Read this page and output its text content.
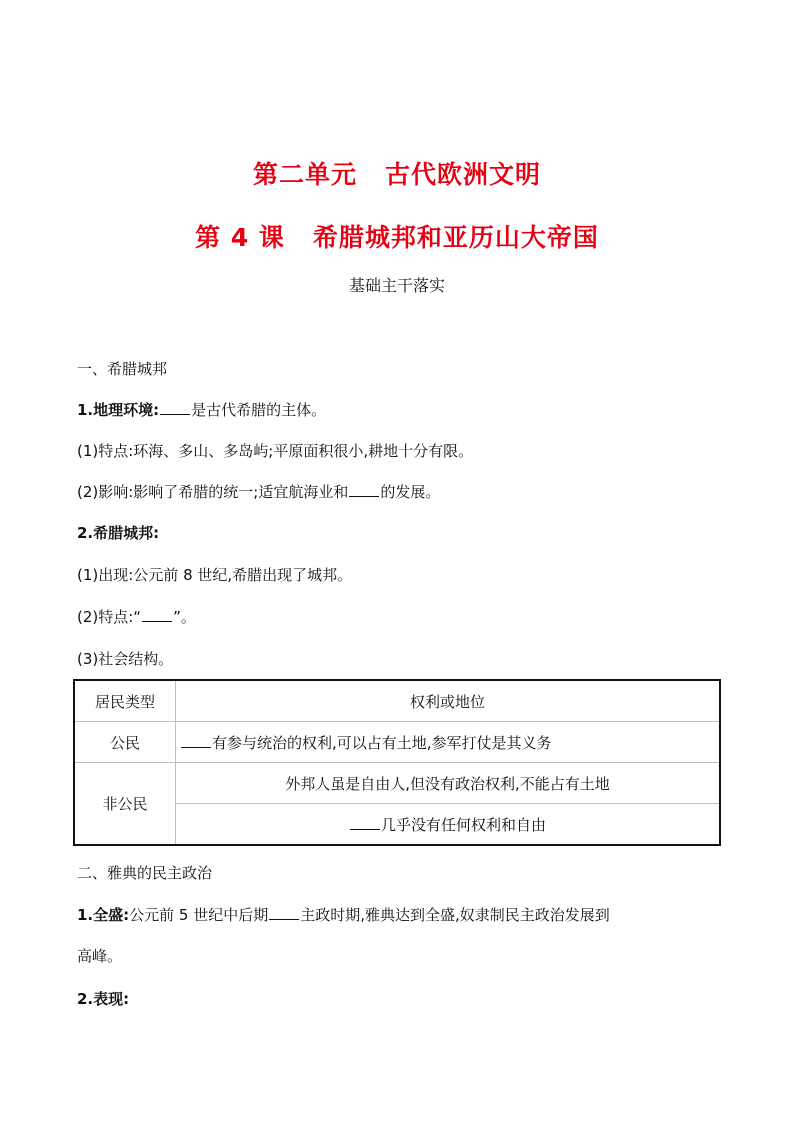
第二单元 古代欧洲文明
第 4 课 希腊城邦和亚历山大帝国
基础主干落实
一、希腊城邦
1.地理环境: 是古代希腊的主体。
(1)特点:环海、多山、多岛屿;平原面积很小,耕地十分有限。
(2)影响:影响了希腊的统一;适宜航海业和 的发展。
2.希腊城邦:
(1)出现:公元前 8 世纪,希腊出现了城邦。
(2)特点:“ ”。
(3)社会结构。
居民类型	权利或地位
公民	有参与统治的权利,可以占有土地,参军打仗是其义务
非公民	外邦人虽是自由人,但没有政治权利,不能占有土地
	几乎没有任何权利和自由
二、雅典的民主政治
1.全盛:公元前 5 世纪中后期 主政时期,雅典达到全盛,奴隶制民主政治发展到
高峰。
2.表现:
